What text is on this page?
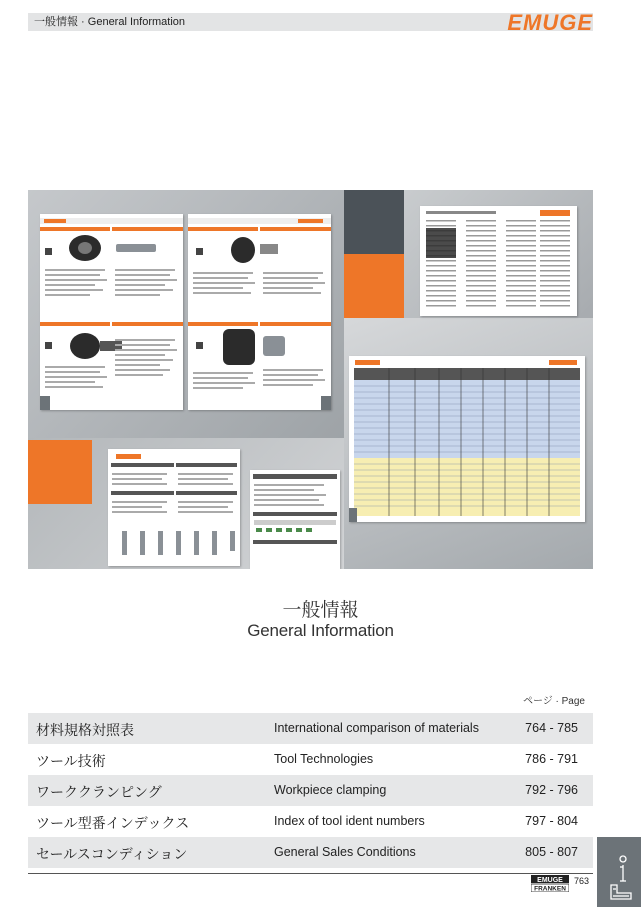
一般情報 · General Information	EMUGE
一般情報
General Information
ページ · Page
材料規格対照表	International comparison of materials	764 - 785
ツール技術	Tool Technologies	786 - 791
ワーククランピング	Workpiece clamping	792 - 796
ツール型番インデックス	Index of tool ident numbers	797 - 804
セールスコンディション	General Sales Conditions	805 - 807
EMUGE
FRANKEN
763
